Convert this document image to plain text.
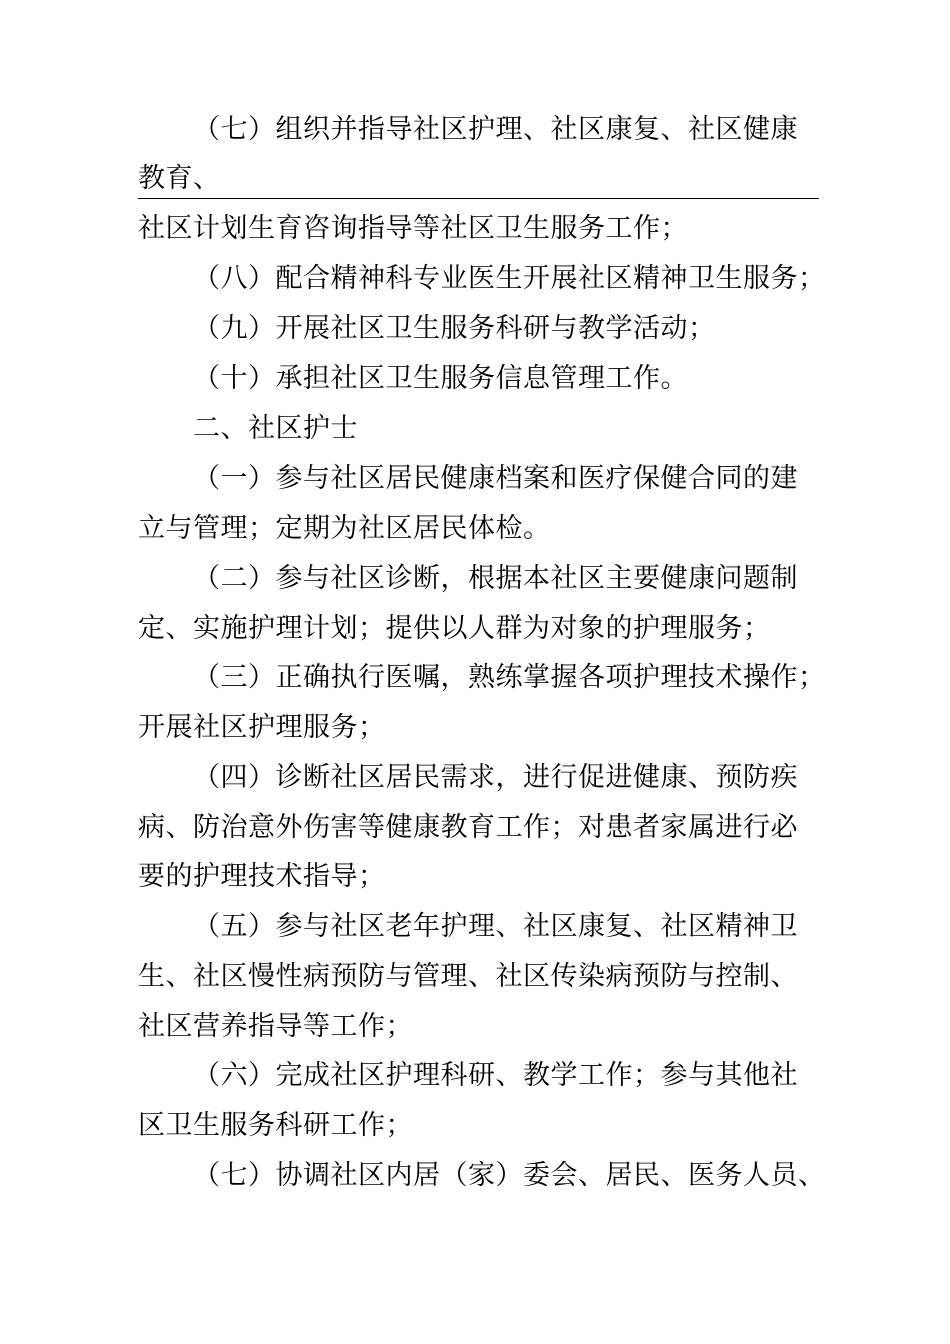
（七）组织并指导社区护理、社区康复、社区健康
教育、
社区计划生育咨询指导等社区卫生服务工作；
（八）配合精神科专业医生开展社区精神卫生服务；
（九）开展社区卫生服务科研与教学活动；
（十）承担社区卫生服务信息管理工作。
二、社区护士
（一）参与社区居民健康档案和医疗保健合同的建
立与管理；定期为社区居民体检。
（二）参与社区诊断，根据本社区主要健康问题制
定、实施护理计划；提供以人群为对象的护理服务；
（三）正确执行医嘱，熟练掌握各项护理技术操作；
开展社区护理服务；
（四）诊断社区居民需求，进行促进健康、预防疾
病、防治意外伤害等健康教育工作；对患者家属进行必
要的护理技术指导；
（五）参与社区老年护理、社区康复、社区精神卫
生、社区慢性病预防与管理、社区传染病预防与控制、
社区营养指导等工作；
（六）完成社区护理科研、教学工作；参与其他社
区卫生服务科研工作；
（七）协调社区内居（家）委会、居民、医务人员、
